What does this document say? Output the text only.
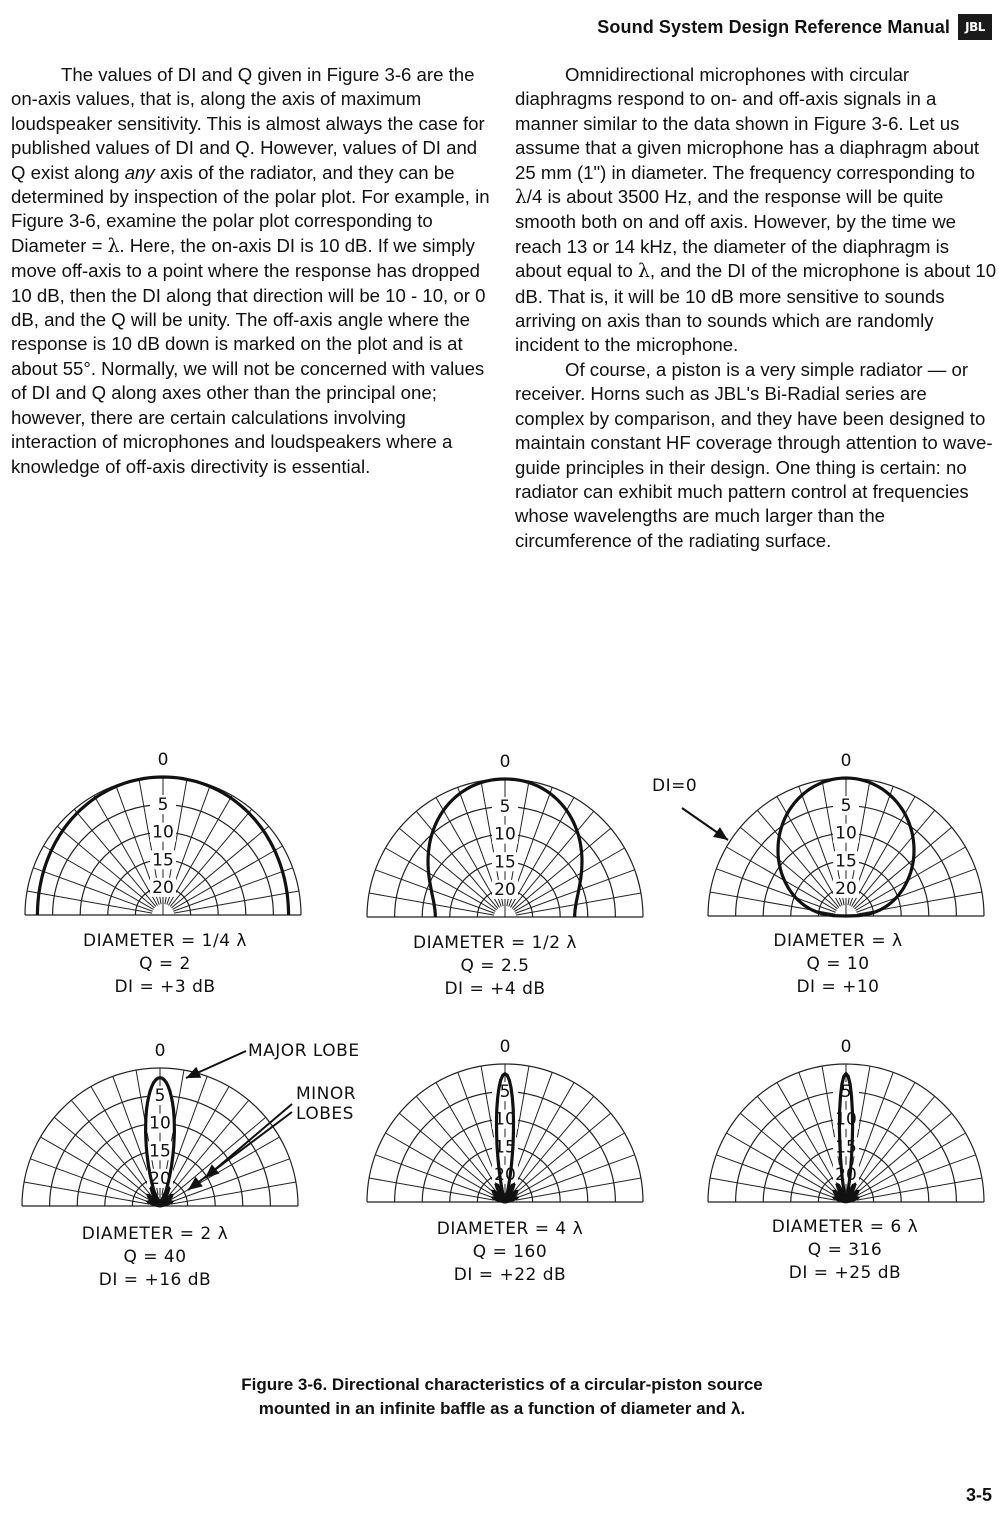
Sound System Design Reference Manual	JBL

The values of DI and Q given in Figure 3-6 are the on-axis values, that is, along the axis of maximum loudspeaker sensitivity. This is almost always the case for published values of DI and Q. However, values of DI and Q exist along any axis of the radiator, and they can be determined by inspection of the polar plot. For example, in Figure 3-6, examine the polar plot corresponding to Diameter = λ. Here, the on-axis DI is 10 dB. If we simply move off-axis to a point where the response has dropped 10 dB, then the DI along that direction will be 10 - 10, or 0 dB, and the Q will be unity. The off-axis angle where the response is 10 dB down is marked on the plot and is at about 55°. Normally, we will not be concerned with values of DI and Q along axes other than the principal one; however, there are certain calculations involving interaction of microphones and loudspeakers where a knowledge of off-axis directivity is essential.

Omnidirectional microphones with circular diaphragms respond to on- and off-axis signals in a manner similar to the data shown in Figure 3-6. Let us assume that a given microphone has a diaphragm about 25 mm (1") in diameter. The frequency corresponding to λ/4 is about 3500 Hz, and the response will be quite smooth both on and off axis. However, by the time we reach 13 or 14 kHz, the diameter of the diaphragm is about equal to λ, and the DI of the microphone is about 10 dB. That is, it will be 10 dB more sensitive to sounds arriving on axis than to sounds which are randomly incident to the microphone.

Of course, a piston is a very simple radiator — or receiver. Horns such as JBL's Bi-Radial series are complex by comparison, and they have been designed to maintain constant HF coverage through attention to wave-guide principles in their design. One thing is certain: no radiator can exhibit much pattern control at frequencies whose wavelengths are much larger than the circumference of the radiating surface.

0
5
10
15
20
0
5
10
15
20
0
5
10
15
20
0
5
10
15
20
0
5
10
15
20
0
5
10
15
20
DIAMETER = 1/4 λ
Q = 2
DI = +3 dB
DIAMETER = 1/2 λ
Q = 2.5
DI = +4 dB
DIAMETER = λ
Q = 10
DI = +10
DIAMETER = 2 λ
Q = 40
DI = +16 dB
DIAMETER = 4 λ
Q = 160
DI = +22 dB
DIAMETER = 6 λ
Q = 316
DI = +25 dB
DI=0
MAJOR LOBE
MINOR
LOBES
Figure 3-6. Directional characteristics of a circular-piston source
mounted in an infinite baffle as a function of diameter and λ.
3-5
